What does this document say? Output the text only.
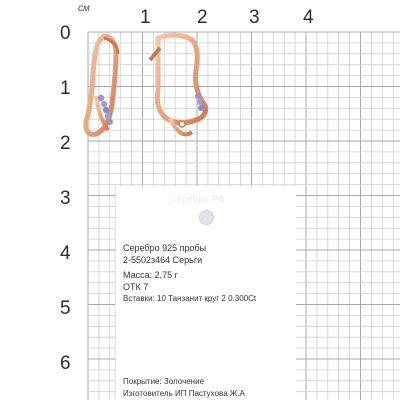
см	1 2 3 4
0
1
2
3
4
5
6
Серебро РФ
Серебро 925 пробы
2-5502з464 Серьги
Масса: 2,75 г
ОТК 7
Вставки: 10 Танзанит круг 2 0.300Ct
Покрытие: Золочение
Изготовитель ИП Пастухова Ж.А
